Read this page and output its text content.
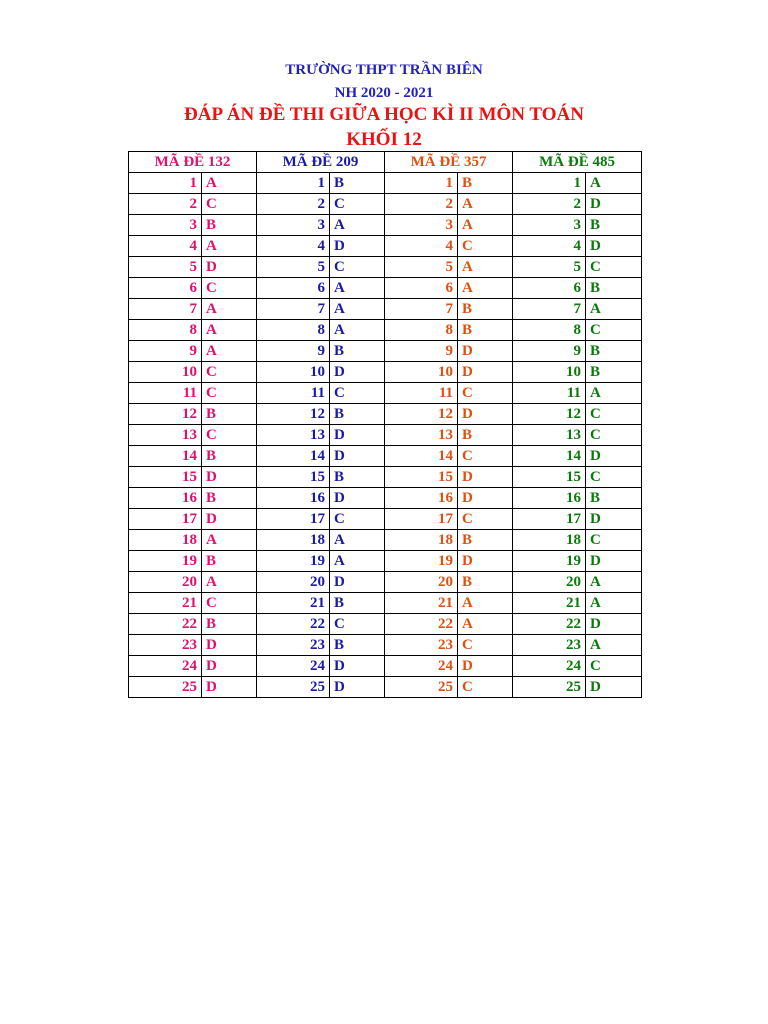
TRƯỜNG THPT TRẦN BIÊN
NH 2020 - 2021
ĐÁP ÁN ĐỀ THI GIỮA HỌC KÌ II MÔN TOÁN
KHỐI 12
MÃ ĐỀ 132		MÃ ĐỀ 209		MÃ ĐỀ 357		MÃ ĐỀ 485	
1	A	1	B	1	B	1	A
2	C	2	C	2	A	2	D
3	B	3	A	3	A	3	B
4	A	4	D	4	C	4	D
5	D	5	C	5	A	5	C
6	C	6	A	6	A	6	B
7	A	7	A	7	B	7	A
8	A	8	A	8	B	8	C
9	A	9	B	9	D	9	B
10	C	10	D	10	D	10	B
11	C	11	C	11	C	11	A
12	B	12	B	12	D	12	C
13	C	13	D	13	B	13	C
14	B	14	D	14	C	14	D
15	D	15	B	15	D	15	C
16	B	16	D	16	D	16	B
17	D	17	C	17	C	17	D
18	A	18	A	18	B	18	C
19	B	19	A	19	D	19	D
20	A	20	D	20	B	20	A
21	C	21	B	21	A	21	A
22	B	22	C	22	A	22	D
23	D	23	B	23	C	23	A
24	D	24	D	24	D	24	C
25	D	25	D	25	C	25	D
